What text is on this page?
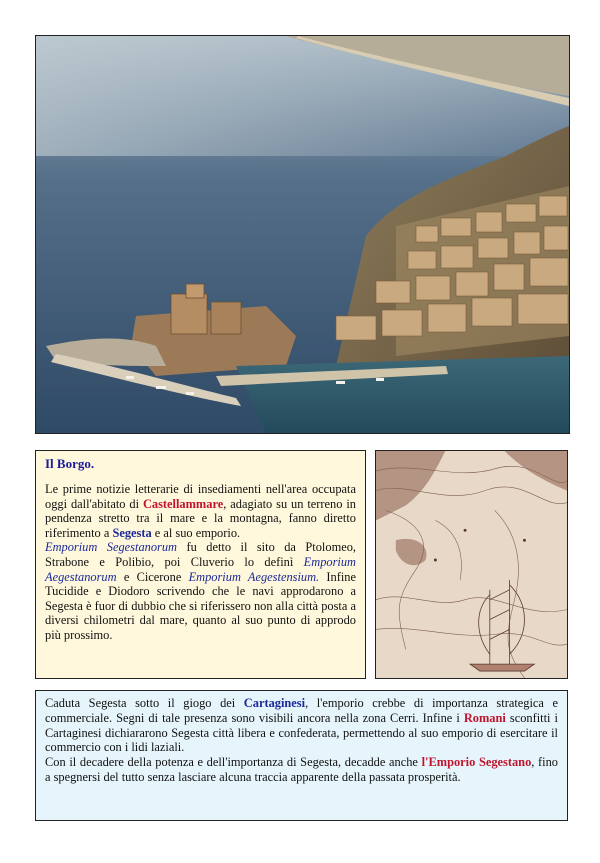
Il Borgo.

Le prime notizie letterarie di insediamenti nell'area occupata oggi dall'abitato di Castellammare, adagiato su un terreno in pendenza stretto tra il mare e la montagna, fanno diretto riferimento a Segesta e al suo emporio.
Emporium Segestanorum fu detto il sito da Ptolomeo, Strabone e Polibio, poi Cluverio lo definì Emporium Aegestanorum e Cicerone Emporium Aegestensium. Infine Tucidide e Diodoro scrivendo che le navi approdarono a Segesta è fuor di dubbio che si riferissero non alla città posta a diversi chilometri dal mare, quanto al suo punto di approdo più prossimo.

Caduta Segesta sotto il giogo dei Cartaginesi, l'emporio crebbe di importanza strategica e commerciale. Segni di tale presenza sono visibili ancora nella zona Cerri. Infine i Romani sconfitti i Cartaginesi dichiararono Segesta città libera e confederata, permettendo al suo emporio di esercitare il commercio con i lidi laziali.
Con il decadere della potenza e dell'importanza di Segesta, decadde anche l'Emporio Segestano, fino a spegnersi del tutto senza lasciare alcuna traccia apparente della passata prosperità.
